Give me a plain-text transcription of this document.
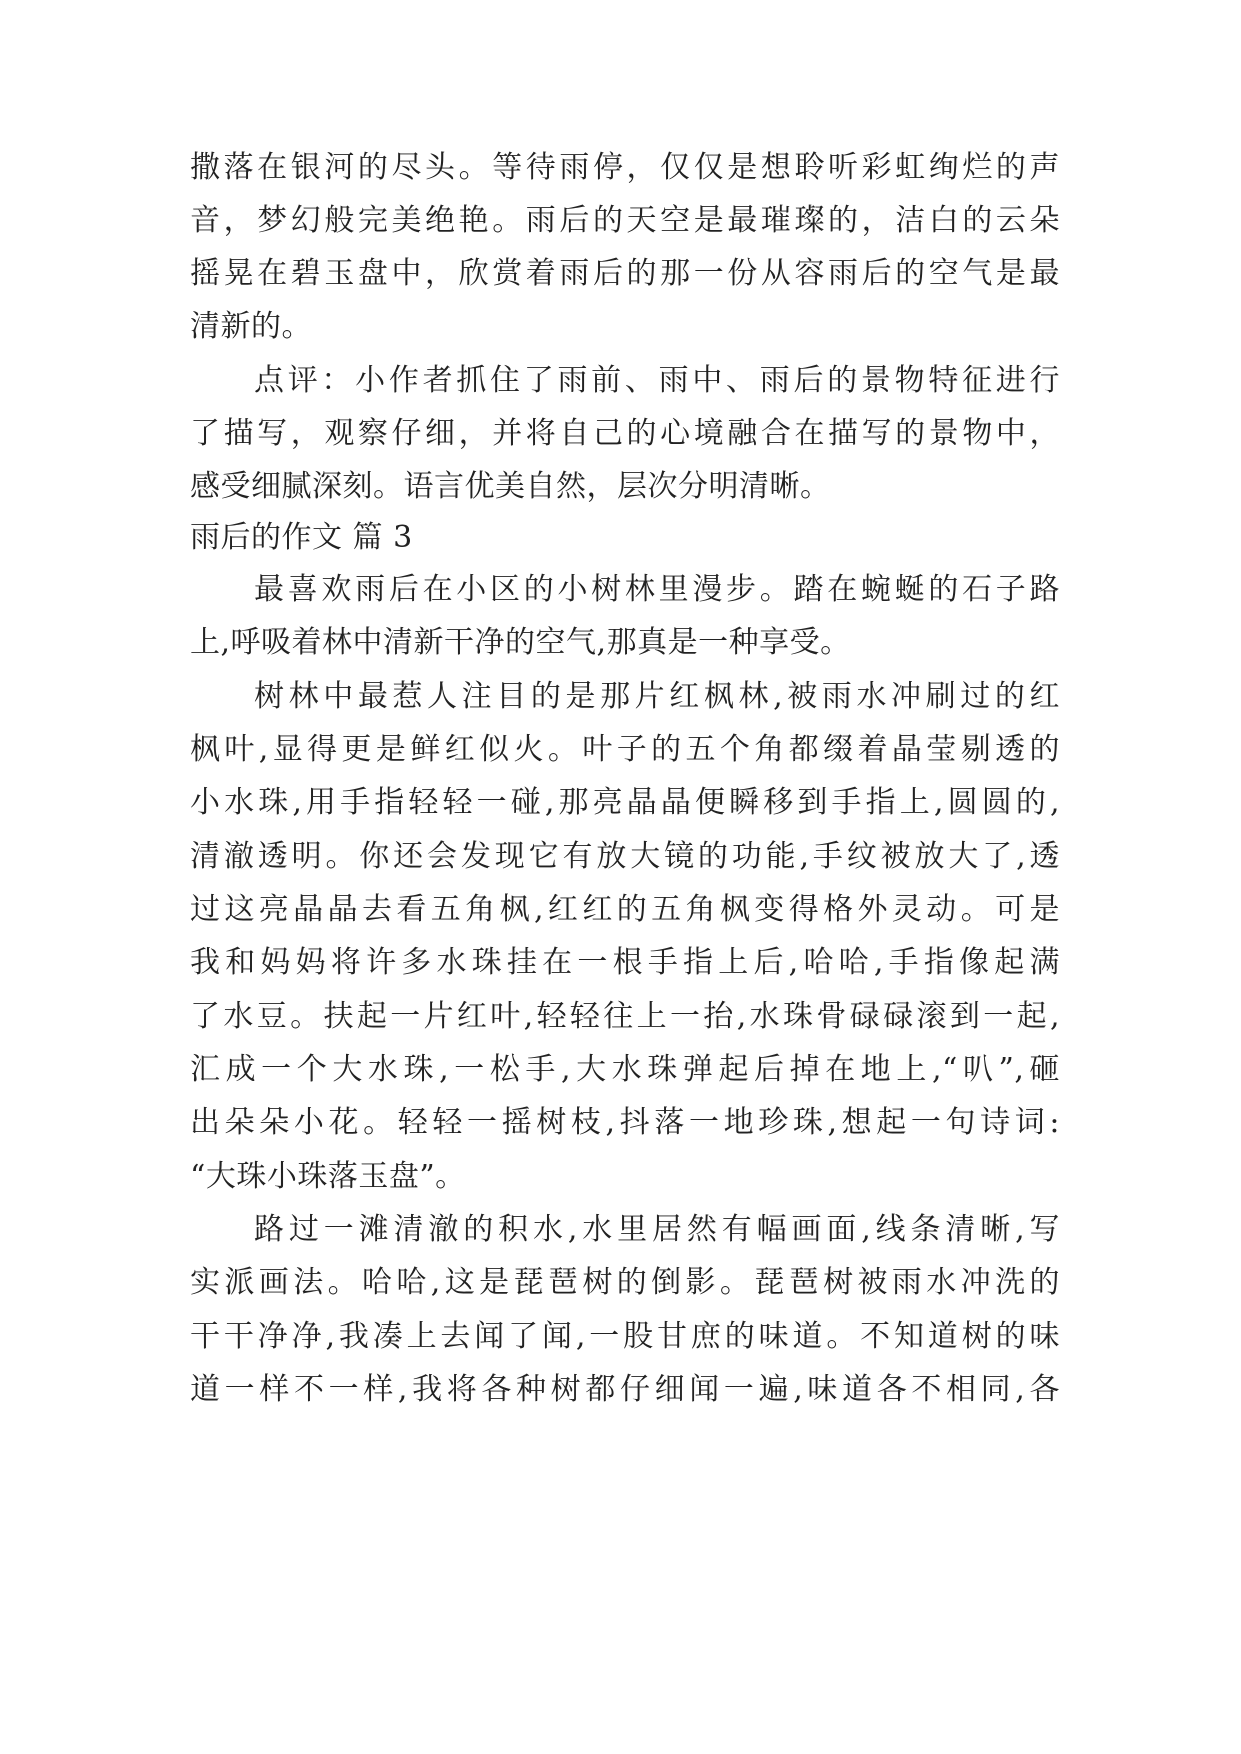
撒落在银河的尽头。等待雨停，仅仅是想聆听彩虹绚烂的声
音，梦幻般完美绝艳。雨后的天空是最璀璨的，洁白的云朵
摇晃在碧玉盘中，欣赏着雨后的那一份从容雨后的空气是最
清新的。
点评：小作者抓住了雨前、雨中、雨后的景物特征进行
了描写，观察仔细，并将自己的心境融合在描写的景物中，
感受细腻深刻。语言优美自然，层次分明清晰。
雨后的作文 篇 3
最喜欢雨后在小区的小树林里漫步。踏在蜿蜒的石子路
上,呼吸着林中清新干净的空气,那真是一种享受。
树林中最惹人注目的是那片红枫林,被雨水冲刷过的红
枫叶,显得更是鲜红似火。叶子的五个角都缀着晶莹剔透的
小水珠,用手指轻轻一碰,那亮晶晶便瞬移到手指上,圆圆的,
清澈透明。你还会发现它有放大镜的功能,手纹被放大了,透
过这亮晶晶去看五角枫,红红的五角枫变得格外灵动。可是
我和妈妈将许多水珠挂在一根手指上后,哈哈,手指像起满
了水豆。扶起一片红叶,轻轻往上一抬,水珠骨碌碌滚到一起,
汇成一个大水珠,一松手,大水珠弹起后掉在地上,“叭”,砸
出朵朵小花。轻轻一摇树枝,抖落一地珍珠,想起一句诗词:
“大珠小珠落玉盘”。
路过一滩清澈的积水,水里居然有幅画面,线条清晰,写
实派画法。哈哈,这是琵琶树的倒影。琵琶树被雨水冲洗的
干干净净,我凑上去闻了闻,一股甘庶的味道。不知道树的味
道一样不一样,我将各种树都仔细闻一遍,味道各不相同,各
